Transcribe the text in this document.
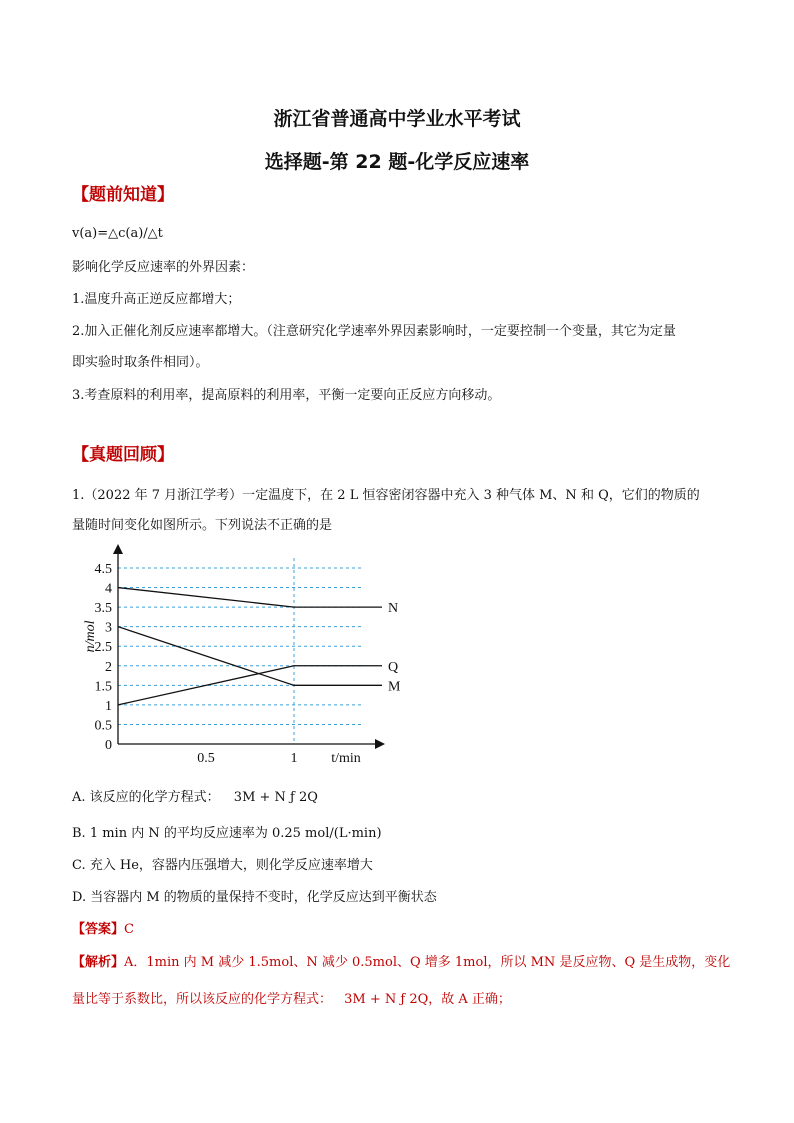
浙江省普通高中学业水平考试
选择题-第 22 题-化学反应速率
【题前知道】
v(a)=△c(a)/△t
影响化学反应速率的外界因素：
1.温度升高正逆反应都增大；
2.加入正催化剂反应速率都增大。（注意研究化学速率外界因素影响时，一定要控制一个变量，其它为定量
即实验时取条件相同）。
3.考查原料的利用率，提高原料的利用率，平衡一定要向正反应方向移动。
【真题回顾】
1.（2022 年 7 月浙江学考）一定温度下，在 2 L 恒容密闭容器中充入 3 种气体 M、N 和 Q，它们的物质的
量随时间变化如图所示。下列说法不正确的是
0
0.5
1
1.5
2
2.5
3
3.5
4
4.5
0.5	1
N
Q
M
n/mol
t/min
A. 该反应的化学方程式： 3M + N ƒ 2Q
B. 1 min 内 N 的平均反应速率为 0.25 mol/(L·min)
C. 充入 He，容器内压强增大，则化学反应速率增大
D. 当容器内 M 的物质的量保持不变时，化学反应达到平衡状态
【答案】C
【解析】A．1min 内 M 减少 1.5mol、N 减少 0.5mol、Q 增多 1mol，所以 MN 是反应物、Q 是生成物，变化
量比等于系数比，所以该反应的化学方程式： 3M + N ƒ 2Q，故 A 正确；
